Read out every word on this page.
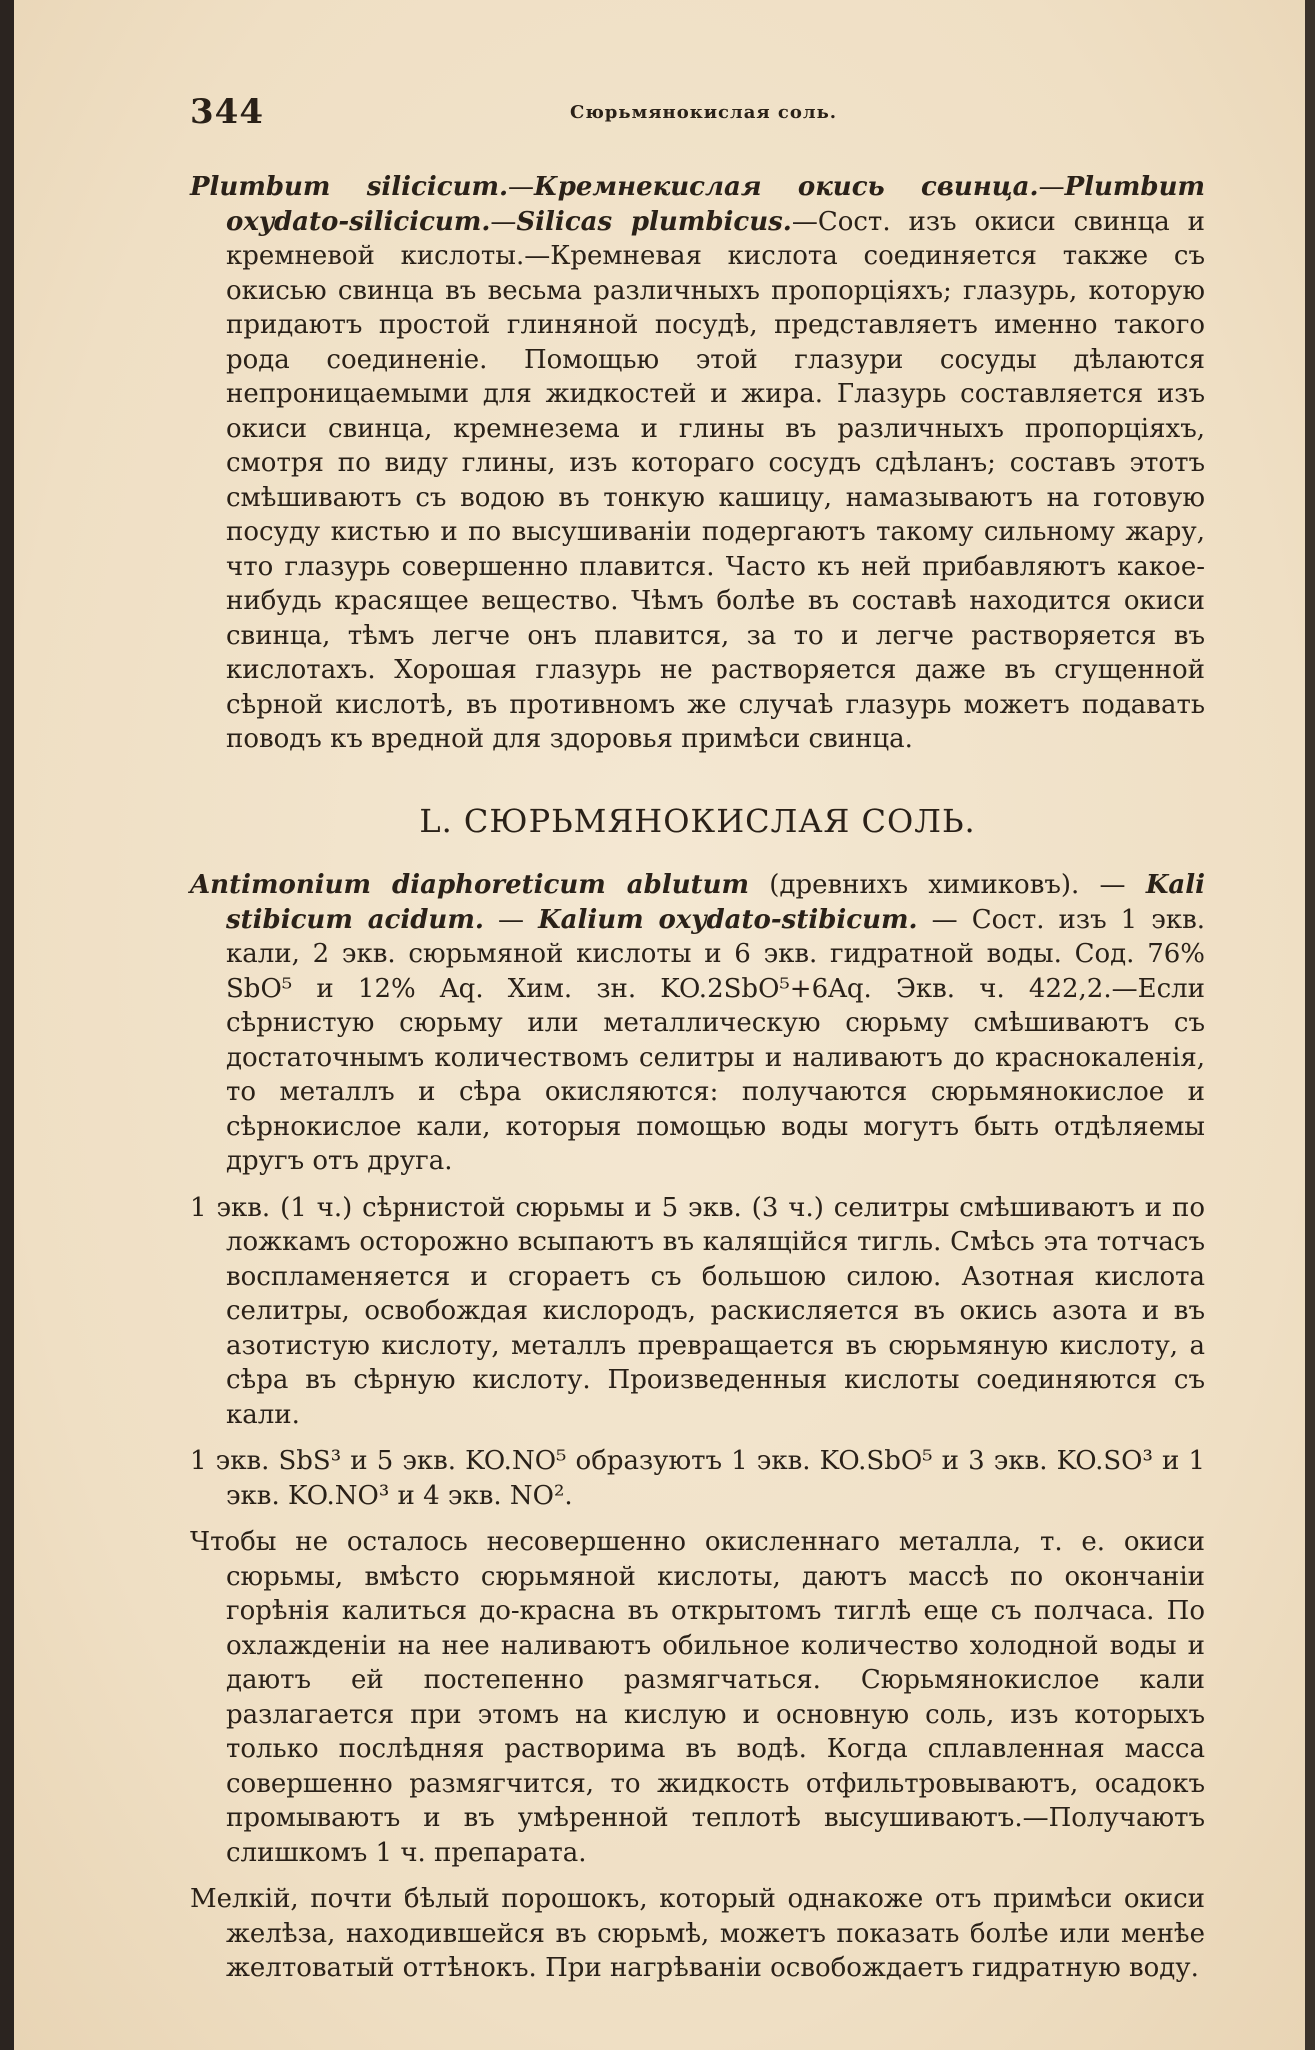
344	Сюрьмянокислая соль.

Plumbum silicicum.—Кремнекислая окись свинца.—Plumbum oxydato-silicicum.—Silicas plumbicus.—Сост. изъ окиси свинца и кремневой кислоты.—Кремневая кислота соединяется также съ окисью свинца въ весьма различныхъ пропорціяхъ; глазурь, которую придаютъ простой глиняной посудѣ, представляетъ именно такого рода соединеніе. Помощью этой глазури сосуды дѣлаются непроницаемыми для жидкостей и жира. Глазурь составляется изъ окиси свинца, кремнезема и глины въ различныхъ пропорціяхъ, смотря по виду глины, изъ котораго сосудъ сдѣланъ; составъ этотъ смѣшиваютъ съ водою въ тонкую кашицу, намазываютъ на готовую посуду кистью и по высушиваніи подергаютъ такому сильному жару, что глазурь совершенно плавится. Часто къ ней прибавляютъ какое-нибудь красящее вещество. Чѣмъ болѣе въ составѣ находится окиси свинца, тѣмъ легче онъ плавится, за то и легче растворяется въ кислотахъ. Хорошая глазурь не растворяется даже въ сгущенной сѣрной кислотѣ, въ противномъ же случаѣ глазурь можетъ подавать поводъ къ вредной для здоровья примѣси свинца.

L. СЮРЬМЯНОКИСЛАЯ СОЛЬ.

Antimonium diaphoreticum ablutum (древнихъ химиковъ). — Kali stibicum acidum. — Kalium oxydato-stibicum. — Сост. изъ 1 экв. кали, 2 экв. сюрьмяной кислоты и 6 экв. гидратной воды. Сод. 76% SbO⁵ и 12% Aq. Хим. зн. KO.2SbO⁵+6Aq. Экв. ч. 422,2.—Если сѣрнистую сюрьму или металлическую сюрьму смѣшиваютъ съ достаточнымъ количествомъ селитры и наливаютъ до краснокаленія, то металлъ и сѣра окисляются: получаются сюрьмянокислое и сѣрнокислое кали, которыя помощью воды могутъ быть отдѣляемы другъ отъ друга.

1 экв. (1 ч.) сѣрнистой сюрьмы и 5 экв. (3 ч.) селитры смѣшиваютъ и по ложкамъ осторожно всыпаютъ въ калящійся тигль. Смѣсь эта тотчасъ воспламеняется и сгораетъ съ большою силою. Азотная кислота селитры, освобождая кислородъ, раскисляется въ окись азота и въ азотистую кислоту, металлъ превращается въ сюрьмяную кислоту, а сѣра въ сѣрную кислоту. Произведенныя кислоты соединяются съ кали.

1 экв. SbS³ и 5 экв. KO.NO⁵ образуютъ 1 экв. KO.SbO⁵ и 3 экв. KO.SO³ и 1 экв. KO.NO³ и 4 экв. NO².

Чтобы не осталось несовершенно окисленнаго металла, т. е. окиси сюрьмы, вмѣсто сюрьмяной кислоты, даютъ массѣ по окончаніи горѣнія калиться до-красна въ открытомъ тиглѣ еще съ полчаса. По охлажденіи на нее наливаютъ обильное количество холодной воды и даютъ ей постепенно размягчаться. Сюрьмянокислое кали разлагается при этомъ на кислую и основную соль, изъ которыхъ только послѣдняя растворима въ водѣ. Когда сплавленная масса совершенно размягчится, то жидкость отфильтровываютъ, осадокъ промываютъ и въ умѣренной теплотѣ высушиваютъ.—Получаютъ слишкомъ 1 ч. препарата.

Мелкій, почти бѣлый порошокъ, который однакоже отъ примѣси окиси желѣза, находившейся въ сюрьмѣ, можетъ показать болѣе или менѣе желтоватый оттѣнокъ. При нагрѣваніи освобождаетъ гидратную воду.
